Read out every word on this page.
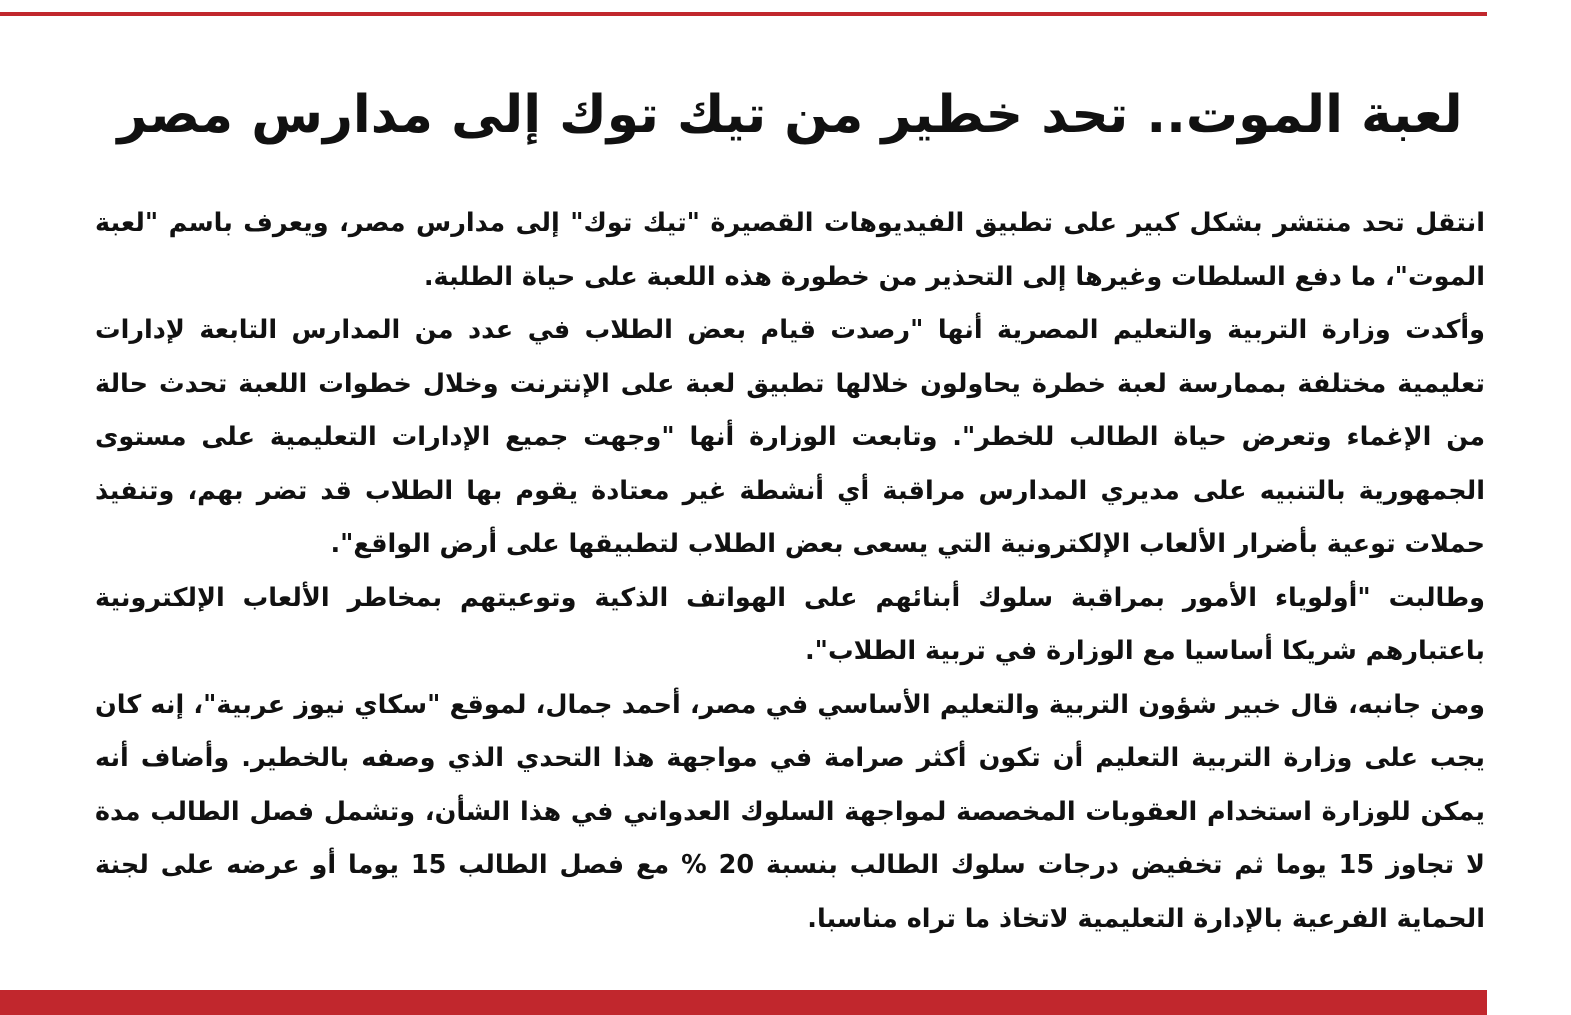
لعبة الموت.. تحد خطير من تيك توك إلى مدارس مصر

انتقل تحد منتشر بشكل كبير على تطبيق الفيديوهات القصيرة "تيك توك" إلى مدارس مصر، ويعرف باسم "لعبة الموت"، ما دفع السلطات وغيرها إلى التحذير من خطورة هذه اللعبة على حياة الطلبة.

وأكدت وزارة التربية والتعليم المصرية أنها "رصدت قيام بعض الطلاب في عدد من المدارس التابعة لإدارات تعليمية مختلفة بممارسة لعبة خطرة يحاولون خلالها تطبيق لعبة على الإنترنت وخلال خطوات اللعبة تحدث حالة من الإغماء وتعرض حياة الطالب للخطر". وتابعت الوزارة أنها "وجهت جميع الإدارات التعليمية على مستوى الجمهورية بالتنبيه على مديري المدارس مراقبة أي أنشطة غير معتادة يقوم بها الطلاب قد تضر بهم، وتنفيذ حملات توعية بأضرار الألعاب الإلكترونية التي يسعى بعض الطلاب لتطبيقها على أرض الواقع".

وطالبت "أولوياء الأمور بمراقبة سلوك أبنائهم على الهواتف الذكية وتوعيتهم بمخاطر الألعاب الإلكترونية باعتبارهم شريكا أساسيا مع الوزارة في تربية الطلاب".

ومن جانبه، قال خبير شؤون التربية والتعليم الأساسي في مصر، أحمد جمال، لموقع "سكاي نيوز عربية"، إنه كان يجب على وزارة التربية التعليم أن تكون أكثر صرامة في مواجهة هذا التحدي الذي وصفه بالخطير. وأضاف أنه يمكن للوزارة استخدام العقوبات المخصصة لمواجهة السلوك العدواني في هذا الشأن، وتشمل فصل الطالب مدة لا تجاوز 15 يوما ثم تخفيض درجات سلوك الطالب بنسبة 20 % مع فصل الطالب 15 يوما أو عرضه على لجنة الحماية الفرعية بالإدارة التعليمية لاتخاذ ما تراه مناسبا.
